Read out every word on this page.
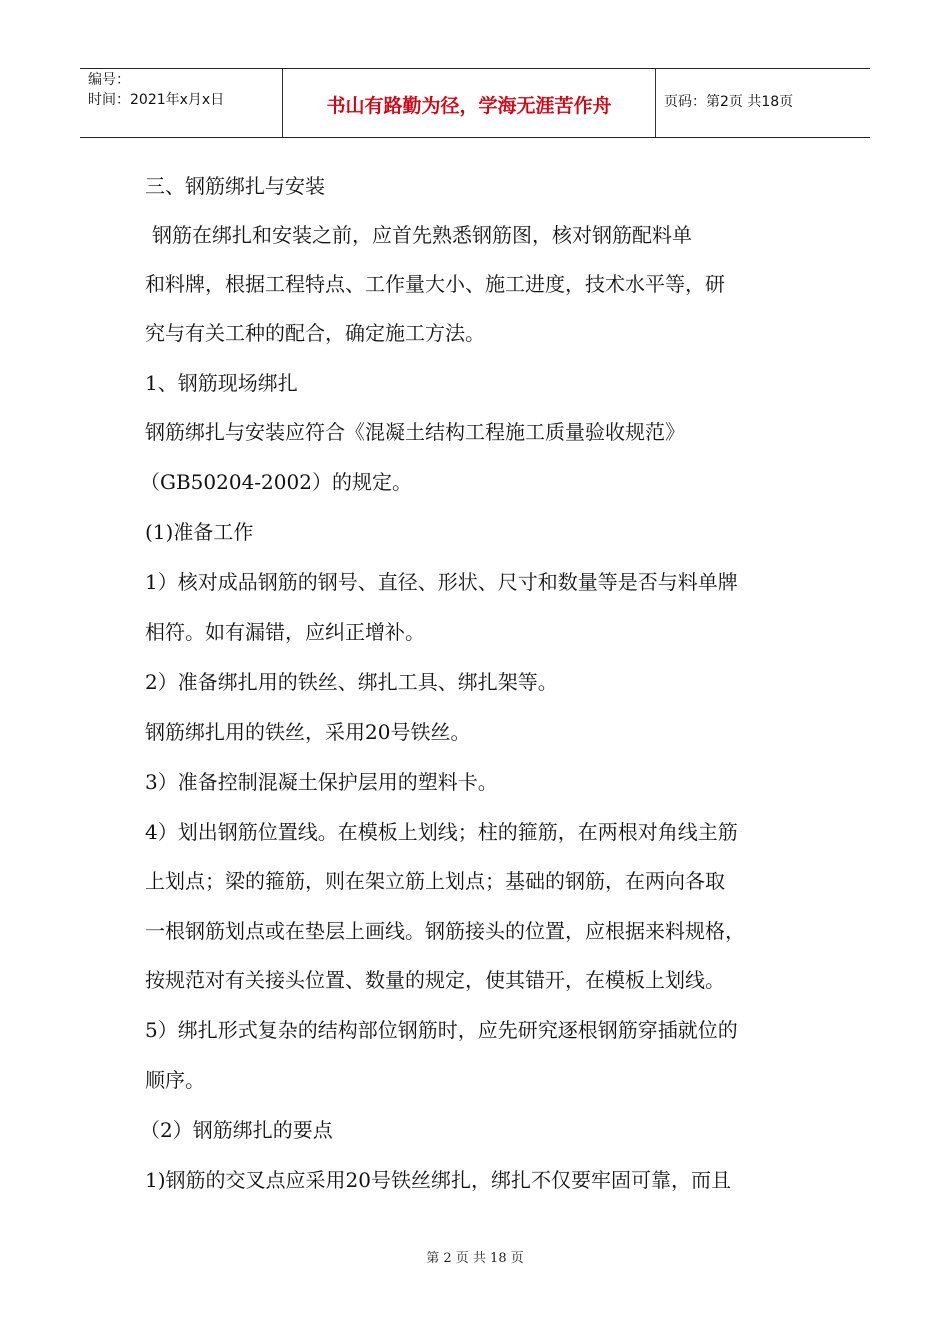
编号：
时间：2021年x月x日	书山有路勤为径，学海无涯苦作舟	页码：第2页 共18页
三、钢筋绑扎与安装
钢筋在绑扎和安装之前，应首先熟悉钢筋图，核对钢筋配料单
和料牌，根据工程特点、工作量大小、施工进度，技术水平等，研
究与有关工种的配合，确定施工方法。
1、钢筋现场绑扎
钢筋绑扎与安装应符合《混凝土结构工程施工质量验收规范》
（GB50204-2002）的规定。
(1)准备工作
1）核对成品钢筋的钢号、直径、形状、尺寸和数量等是否与料单牌
相符。如有漏错，应纠正增补。
2）准备绑扎用的铁丝、绑扎工具、绑扎架等。
钢筋绑扎用的铁丝，采用20号铁丝。
3）准备控制混凝土保护层用的塑料卡。
4）划出钢筋位置线。在模板上划线；柱的箍筋，在两根对角线主筋
上划点；梁的箍筋，则在架立筋上划点；基础的钢筋，在两向各取
一根钢筋划点或在垫层上画线。钢筋接头的位置，应根据来料规格，
按规范对有关接头位置、数量的规定，使其错开，在模板上划线。
5）绑扎形式复杂的结构部位钢筋时，应先研究逐根钢筋穿插就位的
顺序。
（2）钢筋绑扎的要点
1)钢筋的交叉点应采用20号铁丝绑扎，绑扎不仅要牢固可靠，而且
第 2 页 共 18 页
